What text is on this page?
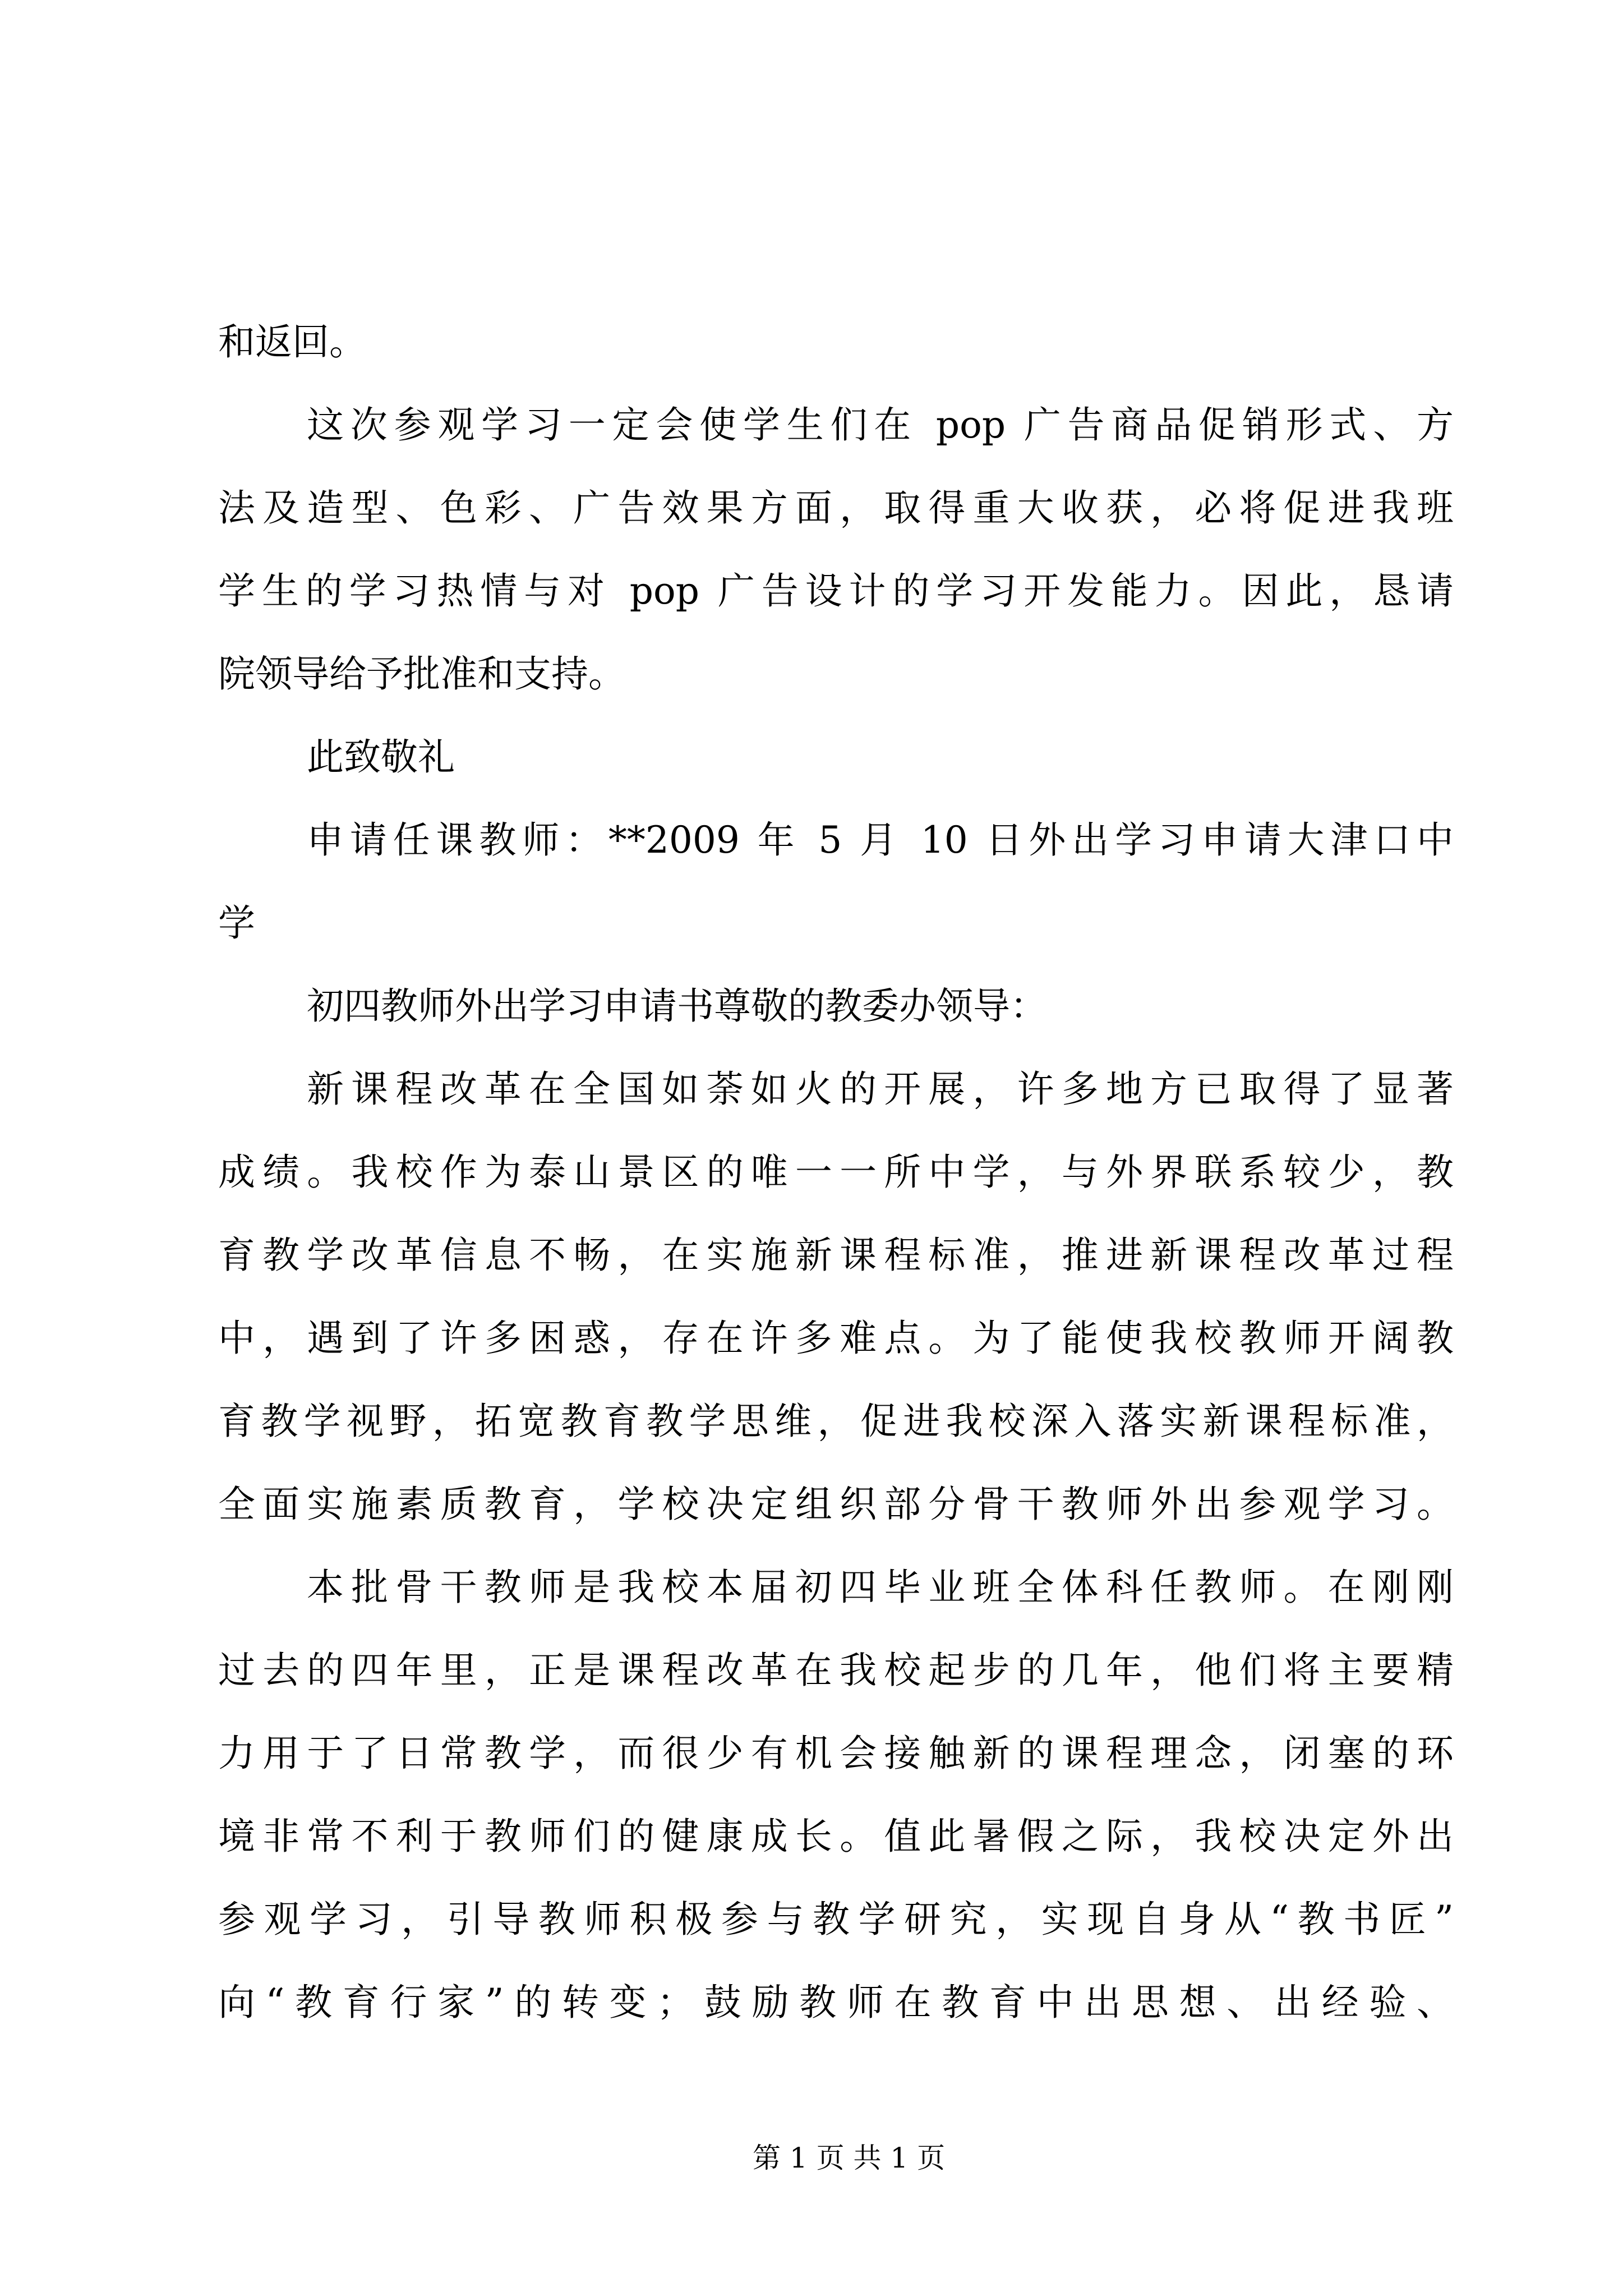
和返回。
这次参观学习一定会使学生们在 pop 广告商品促销形式、方
法及造型、色彩、广告效果方面，取得重大收获，必将促进我班
学生的学习热情与对 pop 广告设计的学习开发能力。因此，恳请
院领导给予批准和支持。
此致敬礼
申请任课教师：**2009 年 5 月 10 日外出学习申请大津口中
学
初四教师外出学习申请书尊敬的教委办领导：
新课程改革在全国如荼如火的开展，许多地方已取得了显著
成绩。我校作为泰山景区的唯一一所中学，与外界联系较少，教
育教学改革信息不畅，在实施新课程标准，推进新课程改革过程
中，遇到了许多困惑，存在许多难点。为了能使我校教师开阔教
育教学视野，拓宽教育教学思维，促进我校深入落实新课程标准，
全面实施素质教育，学校决定组织部分骨干教师外出参观学习。
本批骨干教师是我校本届初四毕业班全体科任教师。在刚刚
过去的四年里，正是课程改革在我校起步的几年，他们将主要精
力用于了日常教学，而很少有机会接触新的课程理念，闭塞的环
境非常不利于教师们的健康成长。值此暑假之际，我校决定外出
参观学习，引导教师积极参与教学研究，实现自身从“教书匠”
向“教育行家”的转变；鼓励教师在教育中出思想、出经验、
第 1 页 共 1 页
